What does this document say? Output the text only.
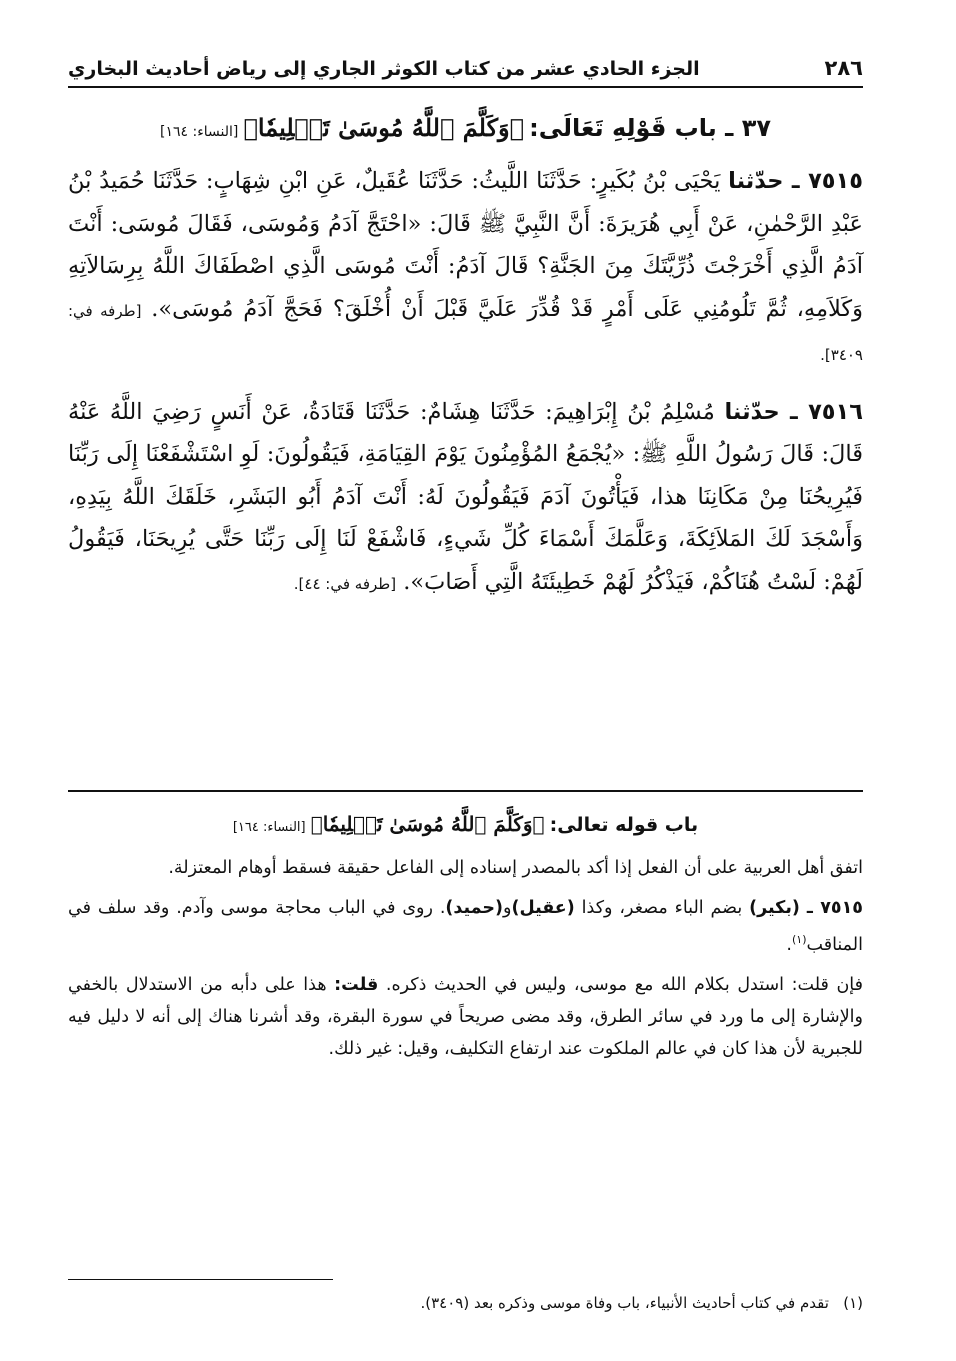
٢٨٦
الجزء الحادي عشر من كتاب الكوثر الجاري إلى رياض أحاديث البخاري
٣٧ ـ باب قَوْلِهِ تَعَالَى: ﴿وَكَلَّمَ ٱللَّهُ مُوسَىٰ تَكۡلِيمٗا﴾ [النساء: ١٦٤]

٧٥١٥ ـ حدّثنا يَحْيَى بْنُ بُكَيرٍ: حَدَّثَنَا اللَّيثُ: حَدَّثَنَا عُقَيلٌ، عَنِ ابْنِ شِهَابٍ: حَدَّثَنَا حُمَيدُ بْنُ عَبْدِ الرَّحْمٰنِ، عَنْ أَبِي هُرَيرَةَ: أَنَّ النَّبِيَّ ﷺ قَالَ: «احْتَجَّ آدَمُ وَمُوسَى، فَقَالَ مُوسَى: أَنْتَ آدَمُ الَّذِي أَخْرَجْتَ ذُرِّيَّتَكَ مِنَ الجَنَّةِ؟ قَالَ آدَمُ: أَنْتَ مُوسَى الَّذِي اصْطَفَاكَ اللَّهُ بِرِسَالاَتِهِ وَكَلاَمِهِ، ثُمَّ تَلُومُنِي عَلَى أَمْرٍ قَدْ قُدِّرَ عَلَيَّ قَبْلَ أَنْ أُخْلَقَ؟ فَحَجَّ آدَمُ مُوسَى». [طرفه في: ٣٤٠٩].

٧٥١٦ ـ حدّثنا مُسْلِمُ بْنُ إِبْرَاهِيمَ: حَدَّثَنَا هِشَامٌ: حَدَّثَنَا قَتَادَةُ، عَنْ أَنَسٍ رَضِيَ اللَّهُ عَنْهُ قَالَ: قَالَ رَسُولُ اللَّهِ ﷺ: «يُجْمَعُ المُؤْمِنُونَ يَوْمَ القِيَامَةِ، فَيَقُولُونَ: لَوِ اسْتَشْفَعْنَا إِلَى رَبِّنَا فَيُرِيحُنَا مِنْ مَكَانِنَا هذا، فَيَأْتُونَ آدَمَ فَيَقُولُونَ لَهُ: أَنْتَ آدَمُ أَبُو البَشَرِ، خَلَقَكَ اللَّهُ بِيَدِهِ، وَأَسْجَدَ لَكَ المَلاَئِكَةَ، وَعَلَّمَكَ أَسْمَاءَ كُلِّ شَيءٍ، فَاشْفَعْ لَنَا إِلَى رَبِّنَا حَتَّى يُرِيحَنَا، فَيَقُولُ لَهُمْ: لَسْتُ هُنَاكُمْ، فَيَذْكُرُ لَهُمْ خَطِيئَتَهُ الَّتِي أَصَابَ». [طرفه في: ٤٤].

باب قوله تعالى: ﴿وَكَلَّمَ ٱللَّهُ مُوسَىٰ تَكۡلِيمٗا﴾ [النساء: ١٦٤]

اتفق أهل العربية على أن الفعل إذا أكد بالمصدر إسناده إلى الفاعل حقيقة فسقط أوهام المعتزلة.

٧٥١٥ ـ (بكير) بضم الباء مصغر، وكذا (عقيل)و(حميد). روى في الباب محاجة موسى وآدم. وقد سلف في المناقب$^{(١)}$.

فإن قلت: استدل بكلام الله مع موسى، وليس في الحديث ذكره. قلت: هذا على دأبه من الاستدلال بالخفي والإشارة إلى ما ورد في سائر الطرق، وقد مضى صريحاً في سورة البقرة، وقد أشرنا هناك إلى أنه لا دليل فيه للجبرية لأن هذا كان في عالم الملكوت عند ارتفاع التكليف، وقيل: غير ذلك.

(١)   تقدم في كتاب أحاديث الأنبياء، باب وفاة موسى وذكره بعد (٣٤٠٩).
